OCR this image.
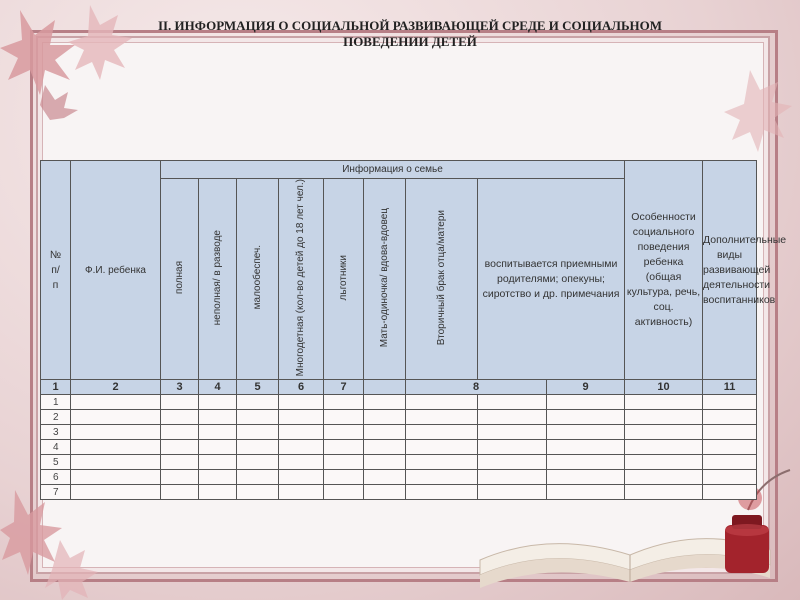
II. ИНФОРМАЦИЯ О СОЦИАЛЬНОЙ РАЗВИВАЮЩЕЙ СРЕДЕ И СОЦИАЛЬНОМ
ПОВЕДЕНИИ ДЕТЕЙ
№
п/
п	Ф.И. ребенка	Информация о семье									Особенности социального поведения ребенка (общая культура, речь, соц. активность)	Дополнительные виды развивающей деятельности воспитанников

		полная	неполная/ в разводе	малообеспеч.	Многодетная (кол-во детей до 18 лет чел.)	льготники	Мать-одиночка/ вдова-вдовец	Вторичный брак отца/матери	воспитывается приемными родителями; опекуны; сиротство и др. примечания				

1	2	3	4	5	6	7		8		9	10	11	
1													
2													
3													
4													
5													
6													
7													
